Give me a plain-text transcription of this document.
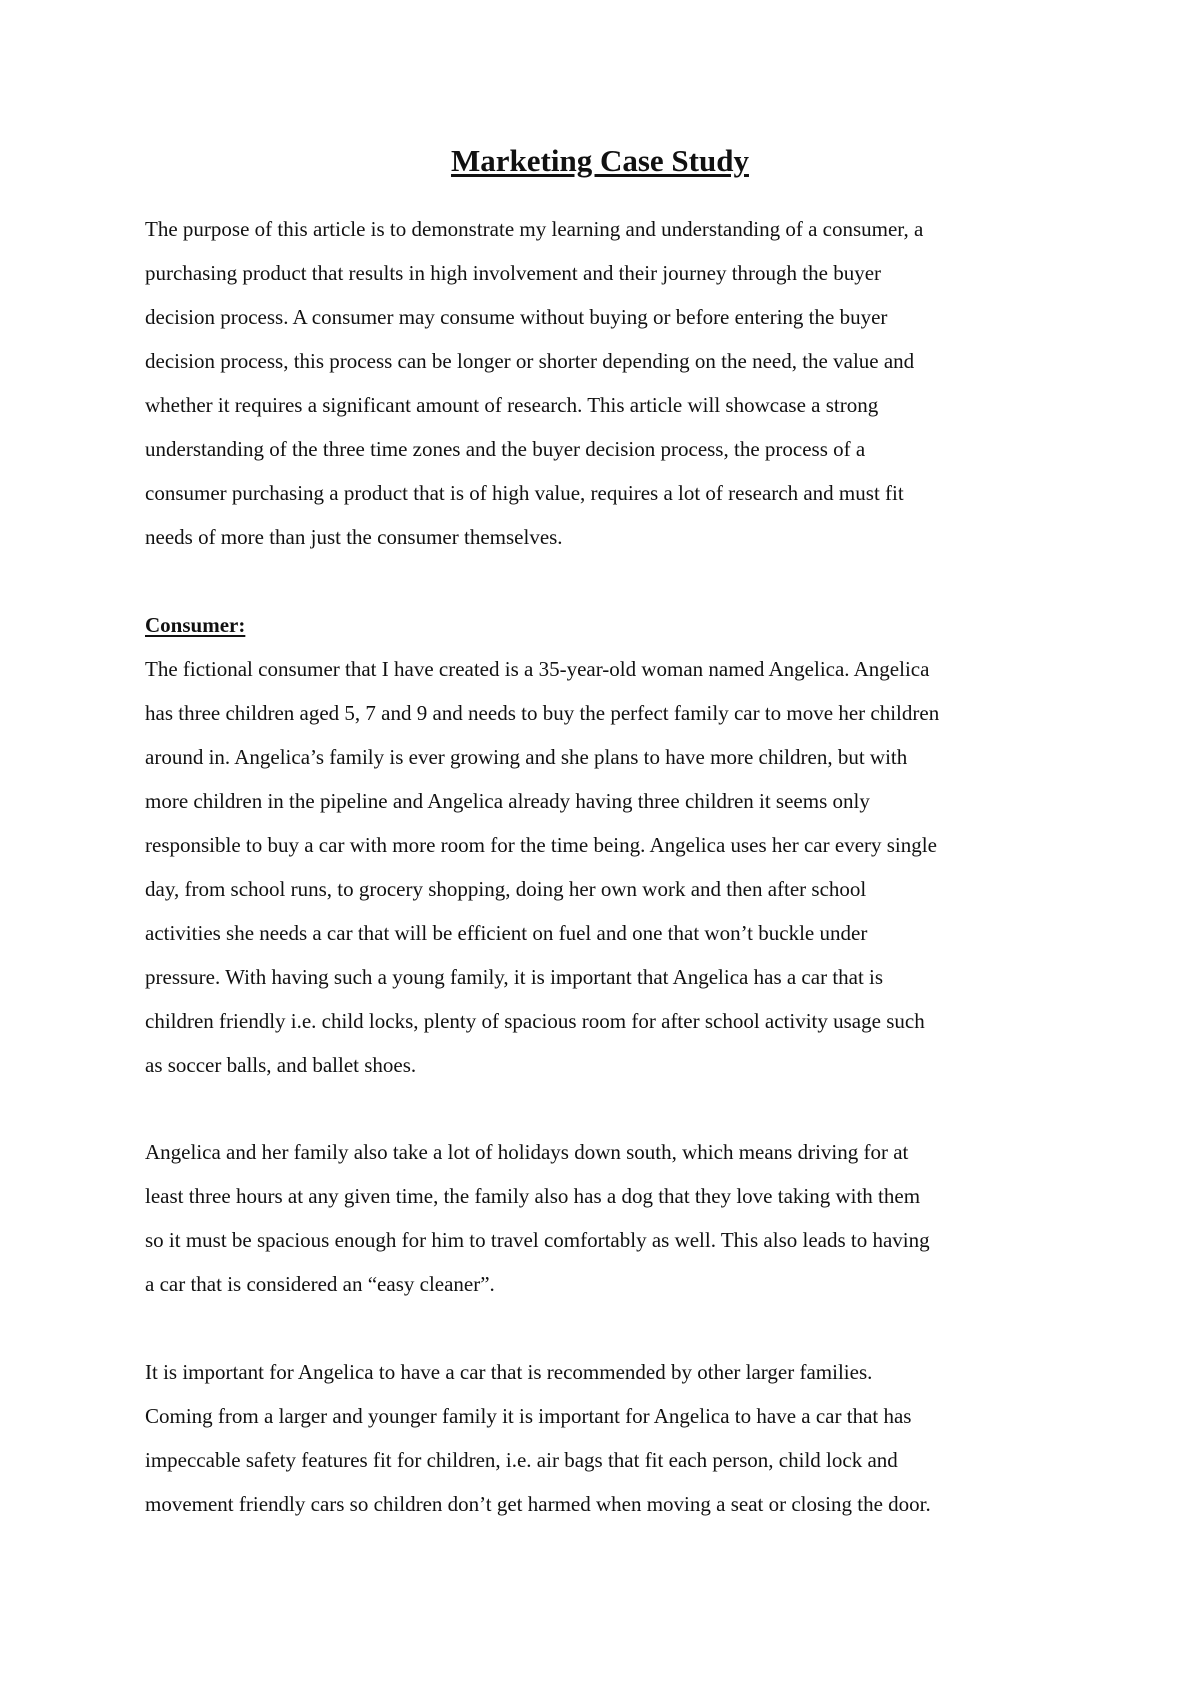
Marketing Case Study
The purpose of this article is to demonstrate my learning and understanding of a consumer, a
purchasing product that results in high involvement and their journey through the buyer
decision process. A consumer may consume without buying or before entering the buyer
decision process, this process can be longer or shorter depending on the need, the value and
whether it requires a significant amount of research. This article will showcase a strong
understanding of the three time zones and the buyer decision process, the process of a
consumer purchasing a product that is of high value, requires a lot of research and must fit
needs of more than just the consumer themselves.
Consumer:
The fictional consumer that I have created is a 35-year-old woman named Angelica. Angelica
has three children aged 5, 7 and 9 and needs to buy the perfect family car to move her children
around in. Angelica’s family is ever growing and she plans to have more children, but with
more children in the pipeline and Angelica already having three children it seems only
responsible to buy a car with more room for the time being. Angelica uses her car every single
day, from school runs, to grocery shopping, doing her own work and then after school
activities she needs a car that will be efficient on fuel and one that won’t buckle under
pressure. With having such a young family, it is important that Angelica has a car that is
children friendly i.e. child locks, plenty of spacious room for after school activity usage such
as soccer balls, and ballet shoes.
Angelica and her family also take a lot of holidays down south, which means driving for at
least three hours at any given time, the family also has a dog that they love taking with them
so it must be spacious enough for him to travel comfortably as well. This also leads to having
a car that is considered an “easy cleaner”.
It is important for Angelica to have a car that is recommended by other larger families.
Coming from a larger and younger family it is important for Angelica to have a car that has
impeccable safety features fit for children, i.e. air bags that fit each person, child lock and
movement friendly cars so children don’t get harmed when moving a seat or closing the door.
